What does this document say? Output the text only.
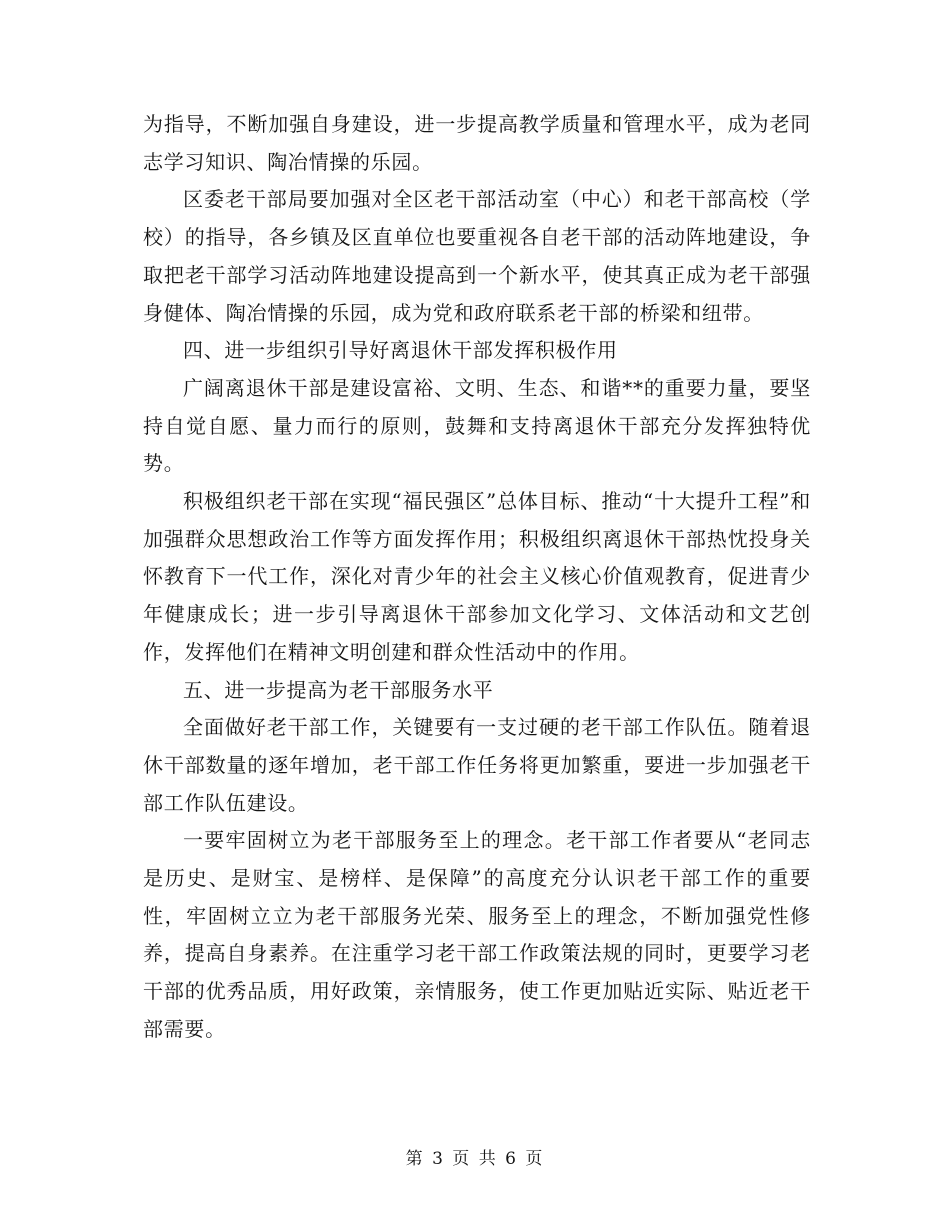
为指导，不断加强自身建设，进一步提高教学质量和管理水平，成为老同志学习知识、陶冶情操的乐园。

区委老干部局要加强对全区老干部活动室（中心）和老干部高校（学校）的指导，各乡镇及区直单位也要重视各自老干部的活动阵地建设，争取把老干部学习活动阵地建设提高到一个新水平，使其真正成为老干部强身健体、陶冶情操的乐园，成为党和政府联系老干部的桥梁和纽带。

四、进一步组织引导好离退休干部发挥积极作用

广阔离退休干部是建设富裕、文明、生态、和谐**的重要力量，要坚持自觉自愿、量力而行的原则，鼓舞和支持离退休干部充分发挥独特优势。

积极组织老干部在实现“福民强区”总体目标、推动“十大提升工程”和加强群众思想政治工作等方面发挥作用；积极组织离退休干部热忱投身关怀教育下一代工作，深化对青少年的社会主义核心价值观教育，促进青少年健康成长；进一步引导离退休干部参加文化学习、文体活动和文艺创作，发挥他们在精神文明创建和群众性活动中的作用。

五、进一步提高为老干部服务水平

全面做好老干部工作，关键要有一支过硬的老干部工作队伍。随着退休干部数量的逐年增加，老干部工作任务将更加繁重，要进一步加强老干部工作队伍建设。

一要牢固树立为老干部服务至上的理念。老干部工作者要从“老同志是历史、是财宝、是榜样、是保障”的高度充分认识老干部工作的重要性，牢固树立立为老干部服务光荣、服务至上的理念，不断加强党性修养，提高自身素养。在注重学习老干部工作政策法规的同时，更要学习老干部的优秀品质，用好政策，亲情服务，使工作更加贴近实际、贴近老干部需要。

第 3 页 共 6 页
